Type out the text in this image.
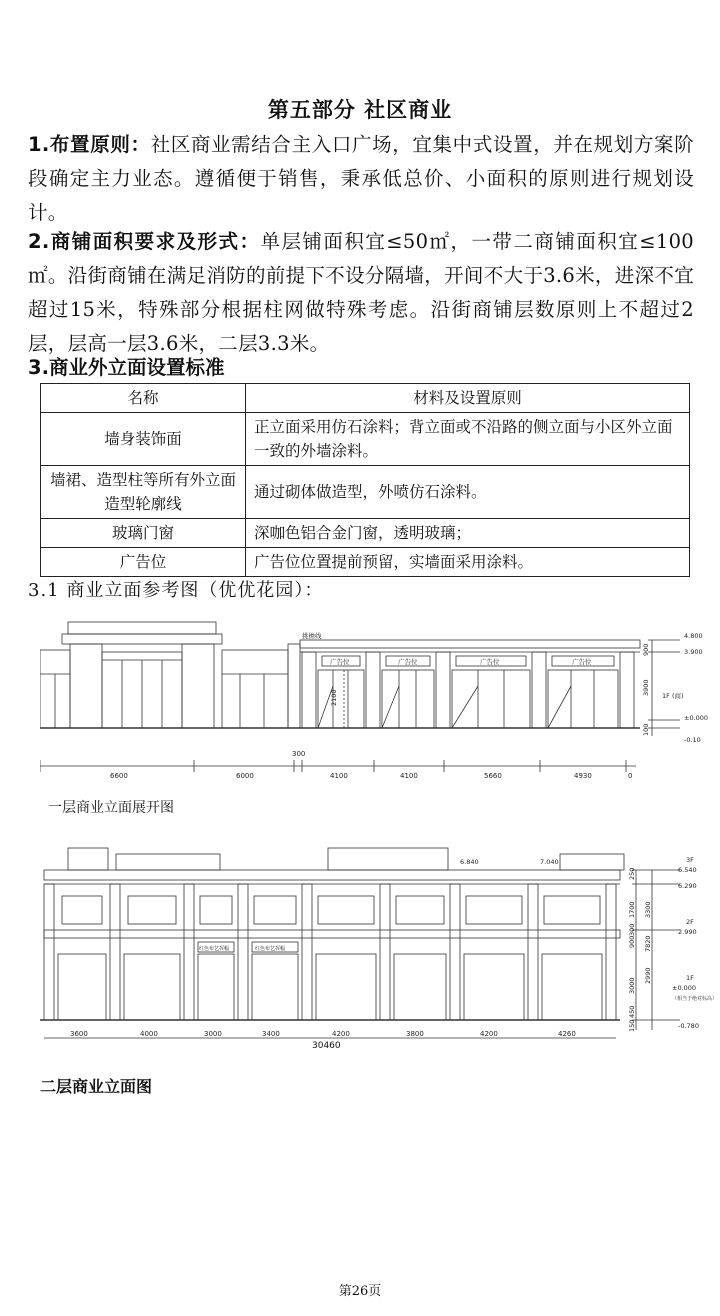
第五部分 社区商业
1.布置原则：社区商业需结合主入口广场，宜集中式设置，并在规划方案阶段确定主力业态。遵循便于销售，秉承低总价、小面积的原则进行规划设计。
2.商铺面积要求及形式：单层铺面积宜≤50㎡，一带二商铺面积宜≤100㎡。沿街商铺在满足消防的前提下不设分隔墙，开间不大于3.6米，进深不宜超过15米，特殊部分根据柱网做特殊考虑。沿街商铺层数原则上不超过2层，层高一层3.6米，二层3.3米。
3.商业外立面设置标准
名称	材料及设置原则
墙身装饰面	正立面采用仿石涂料；背立面或不沿路的侧立面与小区外立面一致的外墙涂料。
墙裙、造型柱等所有外立面造型轮廓线	通过砌体做造型，外喷仿石涂料。
玻璃门窗	深咖色铝合金门窗，透明玻璃；
广告位	广告位位置提前预留，实墙面采用涂料。
3.1 商业立面参考图（优优花园）：
挑檐线
广告位	广告位	广告位	广告位
2100	1F (商)
900
3900
100
4.800
3.900
±0.000
-0.10
6600	6000
300
4100	4100	5660	4930	0
一层商业立面展开图
6.840	7.040
红色布艺挥幅	红色布艺挥幅
250
1700 3300
300
900
2990
7820
3000
150
450
3F
6.540
6.290
2F
2.990
1F
±0.000
（相当于绝对标高）
-0.780
3600	4000	3000	3400	4200	3800	4200	4260
30460
二层商业立面图
第26页
